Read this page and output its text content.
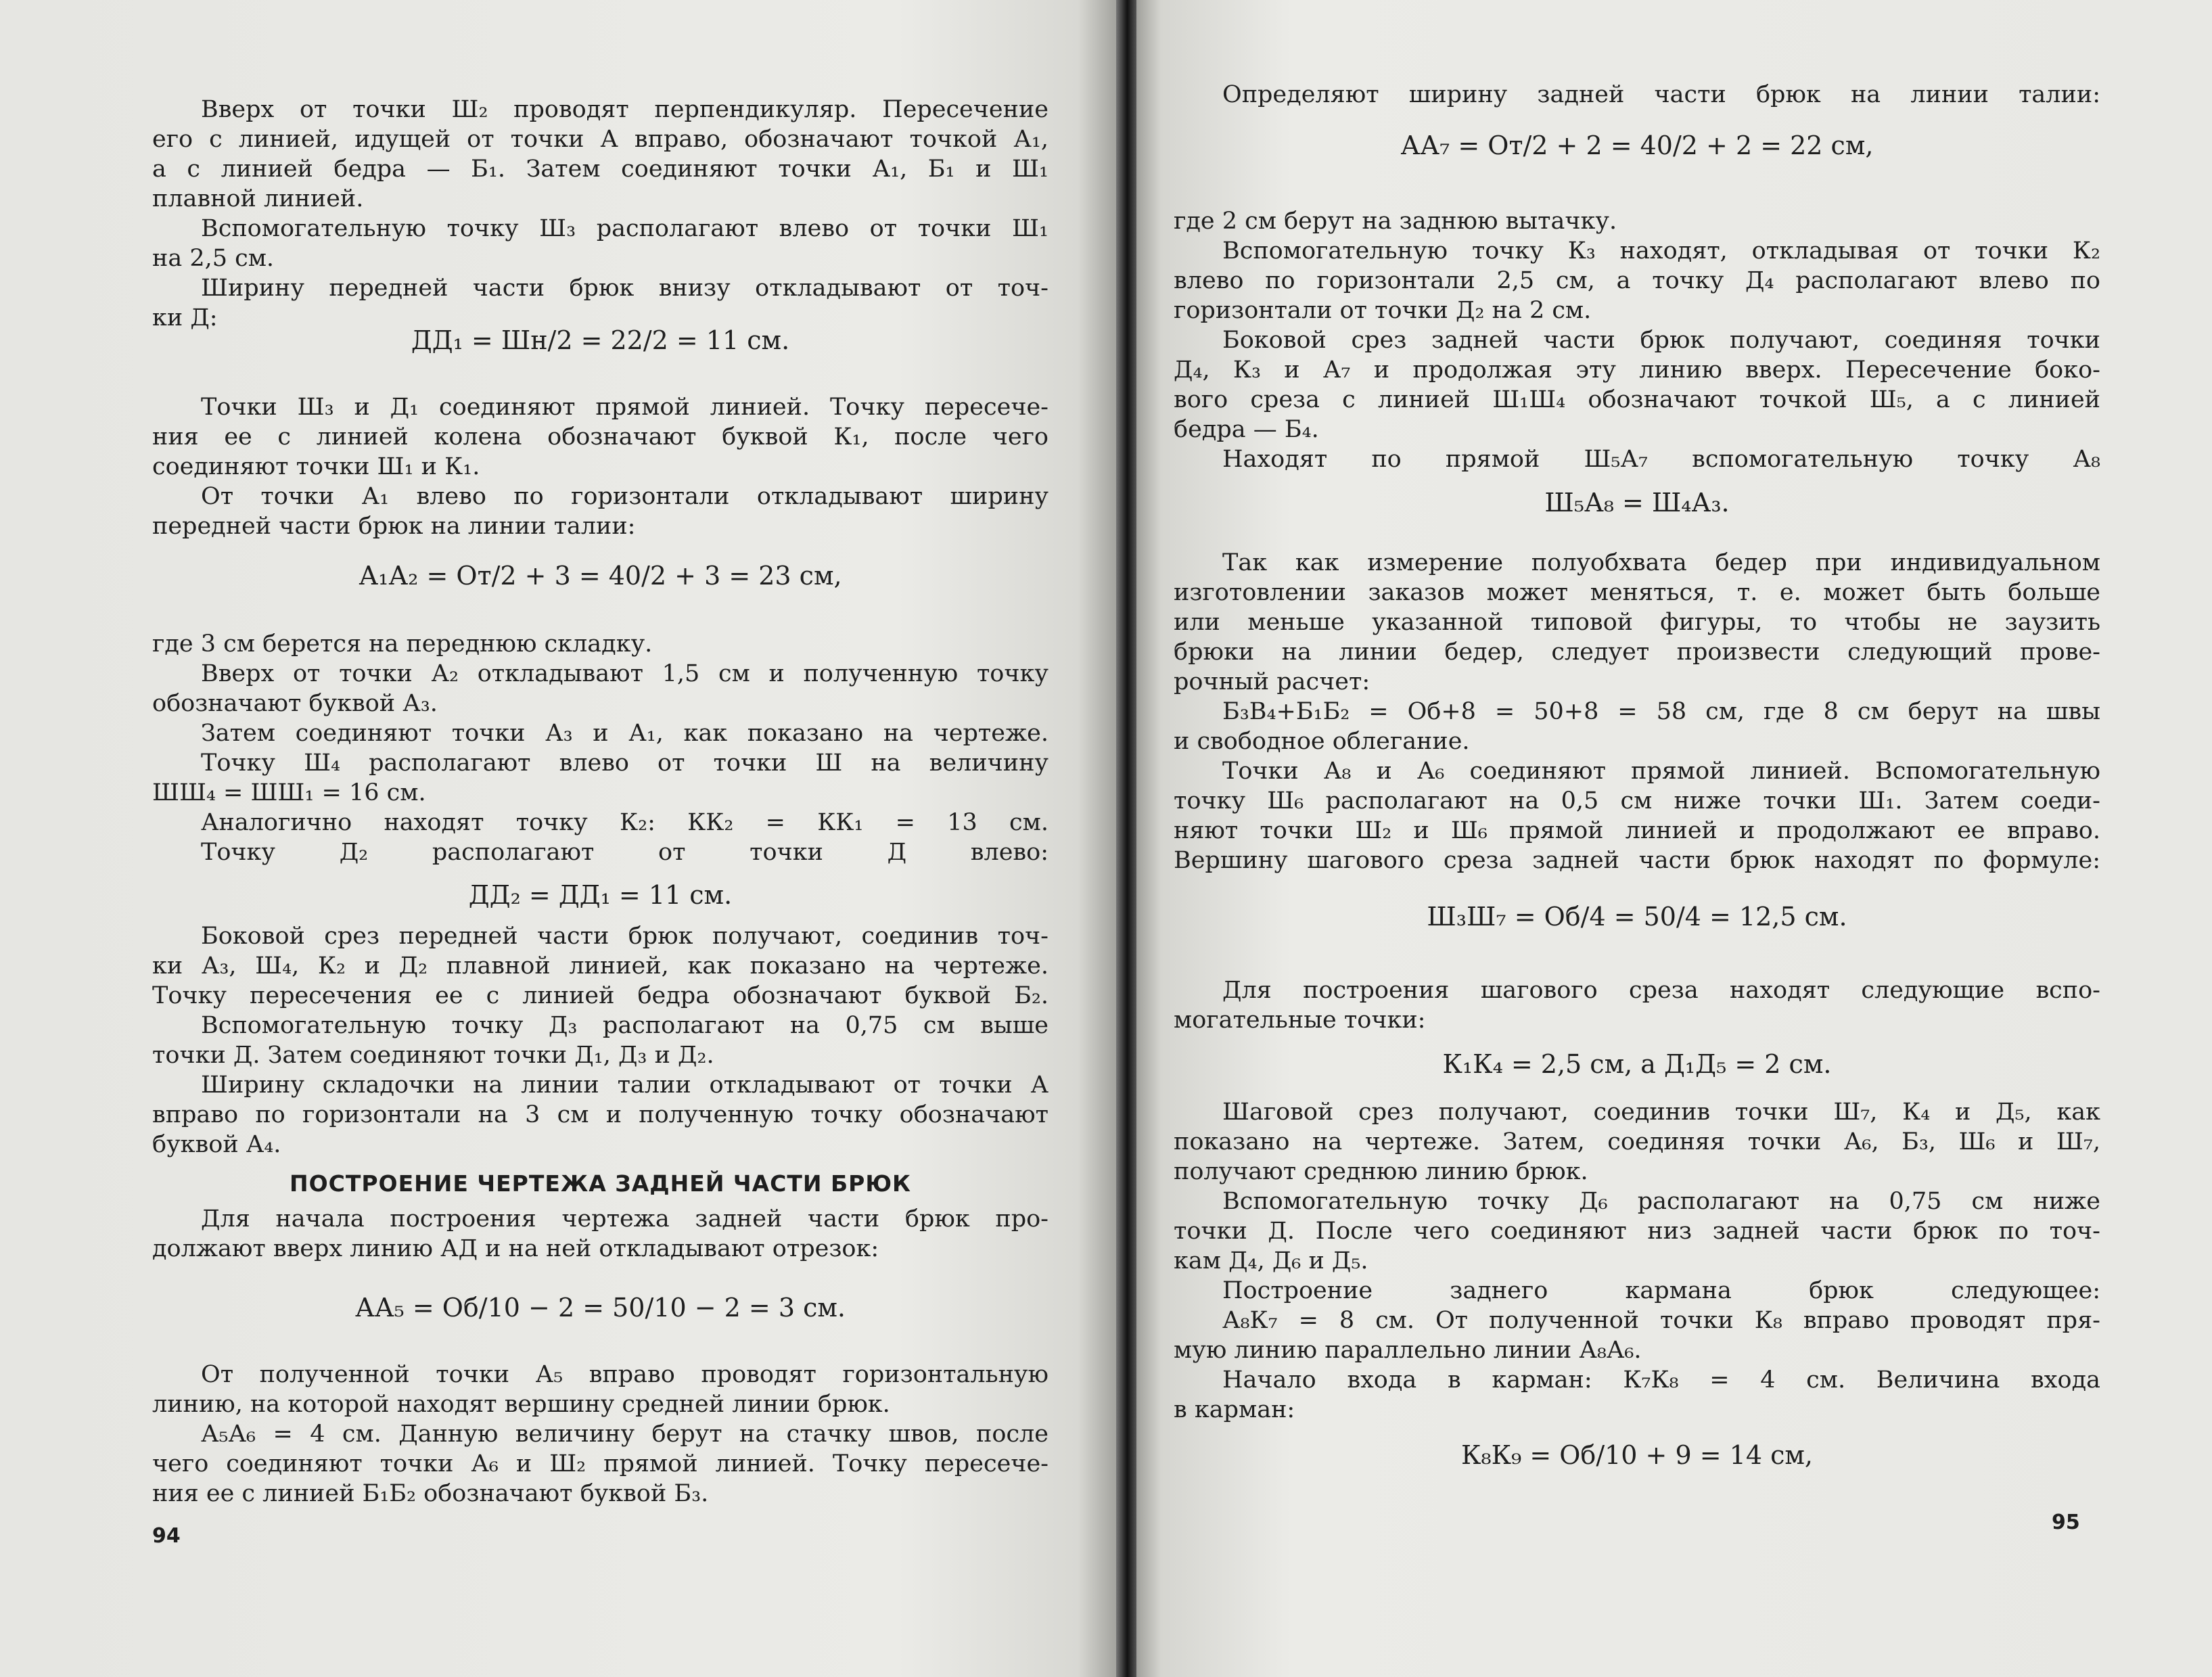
Вверх от точки Ш₂ проводят перпендикуляр. Пересечение
его с линией, идущей от точки А вправо, обозначают точкой А₁,
а с линией бедра — Б₁. Затем соединяют точки А₁, Б₁ и Ш₁
плавной линией.
Вспомогательную точку Ш₃ располагают влево от точки Ш₁
на 2,5 см.
Ширину передней части брюк внизу откладывают от точ-
ки Д:
ДД₁ = Шн/2 = 22/2 = 11 см.
Точки Ш₃ и Д₁ соединяют прямой линией. Точку пересече-
ния ее с линией колена обозначают буквой К₁, после чего
соединяют точки Ш₁ и К₁.
От точки А₁ влево по горизонтали откладывают ширину
передней части брюк на линии талии:
А₁А₂ = От/2 + 3 = 40/2 + 3 = 23 см,
где 3 см берется на переднюю складку.
Вверх от точки А₂ откладывают 1,5 см и полученную точку
обозначают буквой А₃.
Затем соединяют точки А₃ и А₁, как показано на чертеже.
Точку Ш₄ располагают влево от точки Ш на величину
ШШ₄ = ШШ₁ = 16 см.
Аналогично находят точку К₂: КК₂ = КК₁ = 13 см.
Точку Д₂ располагают от точки Д влево:
ДД₂ = ДД₁ = 11 см.
Боковой срез передней части брюк получают, соединив точ-
ки А₃, Ш₄, К₂ и Д₂ плавной линией, как показано на чертеже.
Точку пересечения ее с линией бедра обозначают буквой Б₂.
Вспомогательную точку Д₃ располагают на 0,75 см выше
точки Д. Затем соединяют точки Д₁, Д₃ и Д₂.
Ширину складочки на линии талии откладывают от точки А
вправо по горизонтали на 3 см и полученную точку обозначают
буквой А₄.
ПОСТРОЕНИЕ ЧЕРТЕЖА ЗАДНЕЙ ЧАСТИ БРЮК
Для начала построения чертежа задней части брюк про-
должают вверх линию АД и на ней откладывают отрезок:
АА₅ = Об/10 − 2 = 50/10 − 2 = 3 см.
От полученной точки А₅ вправо проводят горизонтальную
линию, на которой находят вершину средней линии брюк.
А₅А₆ = 4 см. Данную величину берут на стачку швов, после
чего соединяют точки А₆ и Ш₂ прямой линией. Точку пересече-
ния ее с линией Б₁Б₂ обозначают буквой Б₃.
94
Определяют ширину задней части брюк на линии талии:
АА₇ = От/2 + 2 = 40/2 + 2 = 22 см,
где 2 см берут на заднюю вытачку.
Вспомогательную точку К₃ находят, откладывая от точки К₂
влево по горизонтали 2,5 см, а точку Д₄ располагают влево по
горизонтали от точки Д₂ на 2 см.
Боковой срез задней части брюк получают, соединяя точки
Д₄, К₃ и А₇ и продолжая эту линию вверх. Пересечение боко-
вого среза с линией Ш₁Ш₄ обозначают точкой Ш₅, а с линией
бедра — Б₄.
Находят по прямой Ш₅А₇ вспомогательную точку А₈
Ш₅А₈ = Ш₄А₃.
Так как измерение полуобхвата бедер при индивидуальном
изготовлении заказов может меняться, т. е. может быть больше
или меньше указанной типовой фигуры, то чтобы не заузить
брюки на линии бедер, следует произвести следующий прове-
рочный расчет:
Б₃В₄+Б₁Б₂ = Об+8 = 50+8 = 58 см, где 8 см берут на швы
и свободное облегание.
Точки А₈ и А₆ соединяют прямой линией. Вспомогательную
точку Ш₆ располагают на 0,5 см ниже точки Ш₁. Затем соеди-
няют точки Ш₂ и Ш₆ прямой линией и продолжают ее вправо.
Вершину шагового среза задней части брюк находят по формуле:
Ш₃Ш₇ = Об/4 = 50/4 = 12,5 см.
Для построения шагового среза находят следующие вспо-
могательные точки:
К₁К₄ = 2,5 см, а Д₁Д₅ = 2 см.
Шаговой срез получают, соединив точки Ш₇, К₄ и Д₅, как
показано на чертеже. Затем, соединяя точки А₆, Б₃, Ш₆ и Ш₇,
получают среднюю линию брюк.
Вспомогательную точку Д₆ располагают на 0,75 см ниже
точки Д. После чего соединяют низ задней части брюк по точ-
кам Д₄, Д₆ и Д₅.
Построение заднего кармана брюк следующее:
А₈К₇ = 8 см. От полученной точки К₈ вправо проводят пря-
мую линию параллельно линии А₈А₆.
Начало входа в карман: К₇К₈ = 4 см. Величина входа
в карман:
К₈К₉ = Об/10 + 9 = 14 см,
95
